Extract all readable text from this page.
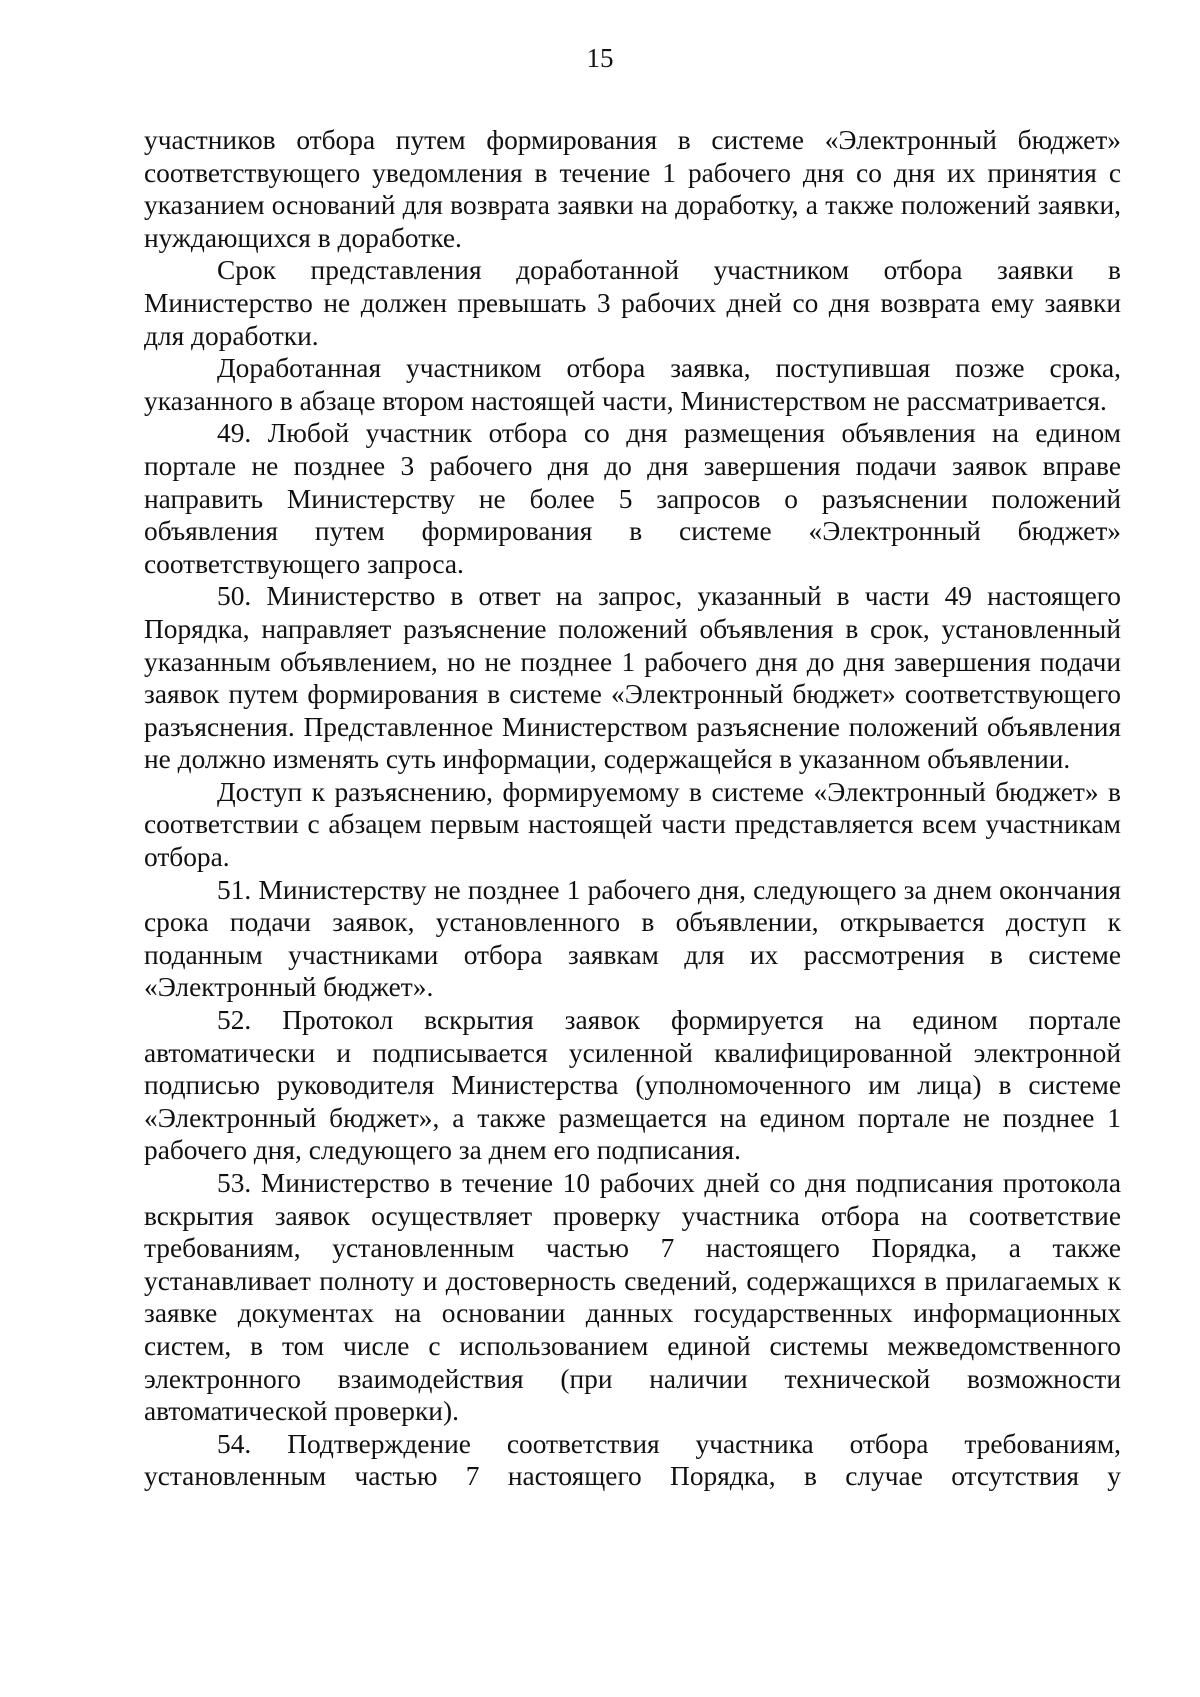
15

участников отбора путем формирования в системе «Электронный бюджет» соответствующего уведомления в течение 1 рабочего дня со дня их принятия с указанием оснований для возврата заявки на доработку, а также положений заявки, нуждающихся в доработке.

Срок представления доработанной участником отбора заявки в Министерство не должен превышать 3 рабочих дней со дня возврата ему заявки для доработки.

Доработанная участником отбора заявка, поступившая позже срока, указанного в абзаце втором настоящей части, Министерством не рассматривается.

49. Любой участник отбора со дня размещения объявления на едином портале не позднее 3 рабочего дня до дня завершения подачи заявок вправе направить Министерству не более 5 запросов о разъяснении положений объявления путем формирования в системе «Электронный бюджет» соответствующего запроса.

50. Министерство в ответ на запрос, указанный в части 49 настоящего Порядка, направляет разъяснение положений объявления в срок, установленный указанным объявлением, но не позднее 1 рабочего дня до дня завершения подачи заявок путем формирования в системе «Электронный бюджет» соответствующего разъяснения. Представленное Министерством разъяснение положений объявления не должно изменять суть информации, содержащейся в указанном объявлении.

Доступ к разъяснению, формируемому в системе «Электронный бюджет» в соответствии с абзацем первым настоящей части представляется всем участникам отбора.

51. Министерству не позднее 1 рабочего дня, следующего за днем окончания срока подачи заявок, установленного в объявлении, открывается доступ к поданным участниками отбора заявкам для их рассмотрения в системе «Электронный бюджет».

52. Протокол вскрытия заявок формируется на едином портале автоматически и подписывается усиленной квалифицированной электронной подписью руководителя Министерства (уполномоченного им лица) в системе «Электронный бюджет», а также размещается на едином портале не позднее 1 рабочего дня, следующего за днем его подписания.

53. Министерство в течение 10 рабочих дней со дня подписания протокола вскрытия заявок осуществляет проверку участника отбора на соответствие требованиям, установленным частью 7 настоящего Порядка, а также устанавливает полноту и достоверность сведений, содержащихся в прилагаемых к заявке документах на основании данных государственных информационных систем, в том числе с использованием единой системы межведомственного электронного взаимодействия (при наличии технической возможности автоматической проверки).

54. Подтверждение соответствия участника отбора требованиям, установленным частью 7 настоящего Порядка, в случае отсутствия у
